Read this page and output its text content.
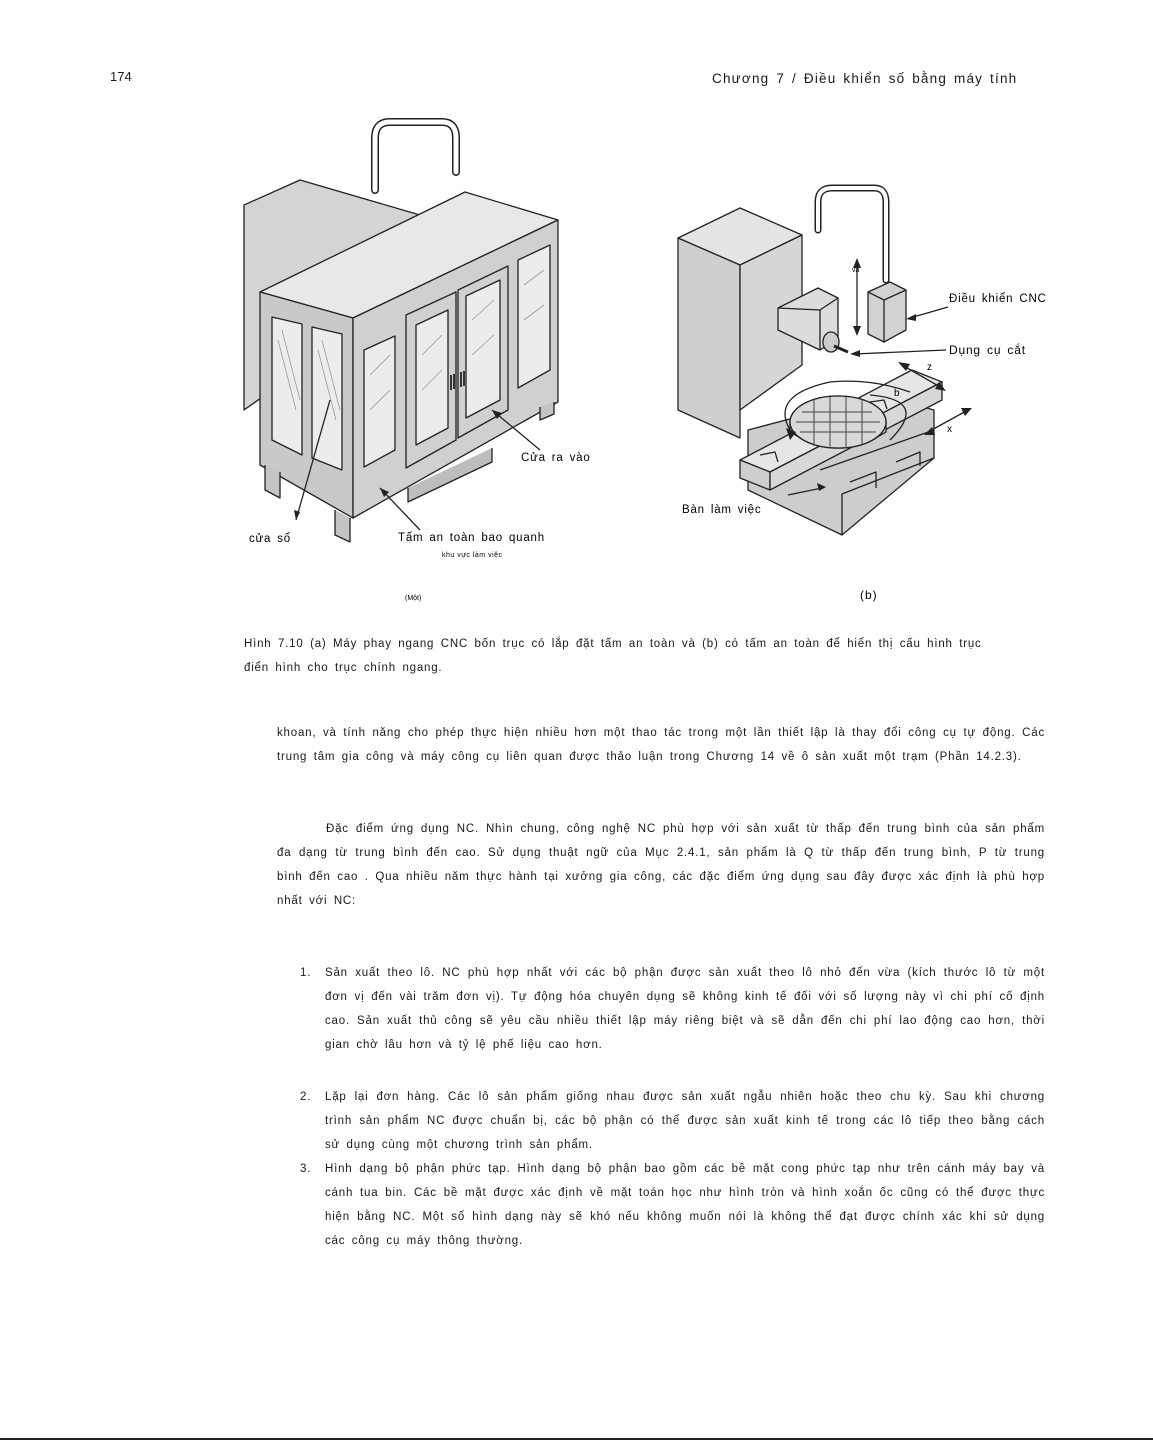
174	Chương 7 / Điều khiển số bằng máy tính
cửa sổ	Tấm an toàn bao quanh
khu vực làm việc
Cửa ra vào
(Một)
và
Điều khiển CNC
Dụng cụ cắt
z
b
x
Bàn làm việc
(b)
Hình 7.10 (a) Máy phay ngang CNC bốn trục có lắp đặt tấm an toàn và (b) có tấm an toàn để hiển thị cấu hình trục
điển hình cho trục chính ngang.

khoan, và tính năng cho phép thực hiện nhiều hơn một thao tác trong một lần thiết lập là thay đổi công cụ tự động. Các trung tâm gia công và máy công cụ liên quan được thảo luận trong Chương 14 về ô sản xuất một trạm (Phần 14.2.3).

Đặc điểm ứng dụng NC. Nhìn chung, công nghệ NC phù hợp với sản xuất từ thấp đến trung bình của sản phẩm đa dạng từ trung bình đến cao. Sử dụng thuật ngữ của Mục 2.4.1, sản phẩm là Q từ thấp đến trung bình, P từ trung bình đến cao . Qua nhiều năm thực hành tại xưởng gia công, các đặc điểm ứng dụng sau đây được xác định là phù hợp nhất với NC:

1. Sản xuất theo lô. NC phù hợp nhất với các bộ phận được sản xuất theo lô nhỏ đến vừa (kích thước lô từ một đơn vị đến vài trăm đơn vị). Tự động hóa chuyên dụng sẽ không kinh tế đối với số lượng này vì chi phí cố định cao. Sản xuất thủ công sẽ yêu cầu nhiều thiết lập máy riêng biệt và sẽ dẫn đến chi phí lao động cao hơn, thời gian chờ lâu hơn và tỷ lệ phế liệu cao hơn.
2. Lặp lại đơn hàng. Các lô sản phẩm giống nhau được sản xuất ngẫu nhiên hoặc theo chu kỳ. Sau khi chương trình sản phẩm NC được chuẩn bị, các bộ phận có thể được sản xuất kinh tế trong các lô tiếp theo bằng cách sử dụng cùng một chương trình sản phẩm.
3. Hình dạng bộ phận phức tạp. Hình dạng bộ phận bao gồm các bề mặt cong phức tạp như trên cánh máy bay và cánh tua bin. Các bề mặt được xác định về mặt toán học như hình tròn và hình xoắn ốc cũng có thể được thực hiện bằng NC. Một số hình dạng này sẽ khó nếu không muốn nói là không thể đạt được chính xác khi sử dụng các công cụ máy thông thường.
